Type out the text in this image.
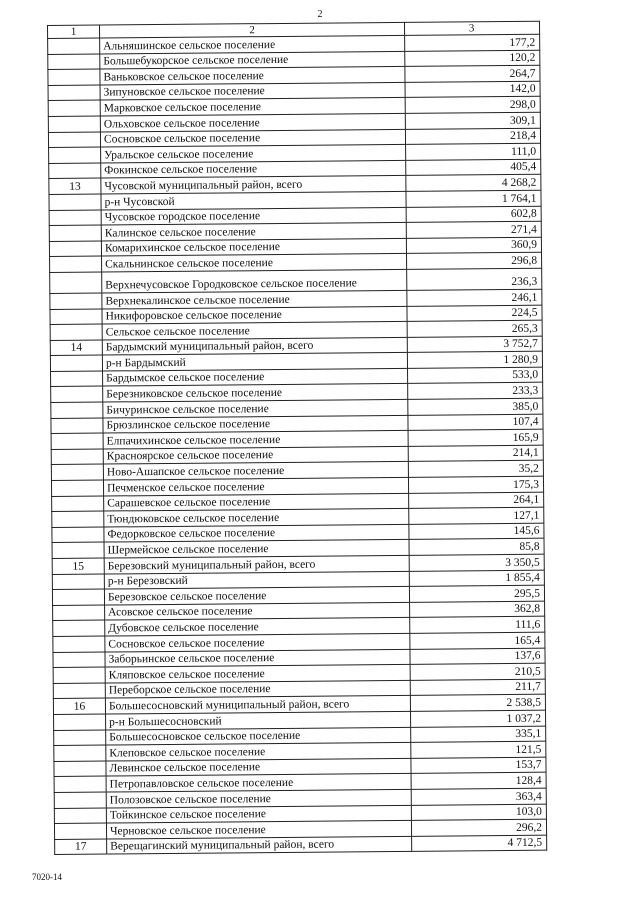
2
1	2	3
	Альняшинское сельское поселение	177,2
	Большебукорское сельское поселение	120,2
	Ваньковское сельское поселение	264,7
	Зипуновское сельское поселение	142,0
	Марковское сельское поселение	298,0
	Ольховское сельское поселение	309,1
	Сосновское сельское поселение	218,4
	Уральское сельское поселение	111,0
	Фокинское сельское поселение	405,4
13	Чусовской муниципальный район, всего	4 268,2
	р-н Чусовской	1 764,1
	Чусовское городское поселение	602,8
	Калинское сельское поселение	271,4
	Комарихинское сельское поселение	360,9
	Скальнинское сельское поселение	296,8
	Верхнечусовское Городковское сельское поселение	236,3
	Верхнекалинское сельское поселение	246,1
	Никифоровское сельское поселение	224,5
	Сельское сельское поселение	265,3
14	Бардымский муниципальный район, всего	3 752,7
	р-н Бардымский	1 280,9
	Бардымское сельское поселение	533,0
	Березниковское сельское поселение	233,3
	Бичуринское сельское поселение	385,0
	Брюзлинское сельское поселение	107,4
	Елпачихинское сельское поселение	165,9
	Красноярское сельское поселение	214,1
	Ново-Ашапское сельское поселение	35,2
	Печменское сельское поселение	175,3
	Сарашевское сельское поселение	264,1
	Тюндюковское сельское поселение	127,1
	Федорковское сельское поселение	145,6
	Шермейское сельское поселение	85,8
15	Березовский муниципальный район, всего	3 350,5
	р-н Березовский	1 855,4
	Березовское сельское поселение	295,5
	Асовское сельское поселение	362,8
	Дубовское сельское поселение	111,6
	Сосновское сельское поселение	165,4
	Заборьинское сельское поселение	137,6
	Кляповское сельское поселение	210,5
	Переборское сельское поселение	211,7
16	Большесосновский муниципальный район, всего	2 538,5
	р-н Большесосновский	1 037,2
	Большесосновское сельское поселение	335,1
	Клеповское сельское поселение	121,5
	Левинское сельское поселение	153,7
	Петропавловское сельское поселение	128,4
	Полозовское сельское поселение	363,4
	Тойкинское сельское поселение	103,0
	Черновское сельское поселение	296,2
17	Верещагинский муниципальный район, всего	4 712,5
7020-14
